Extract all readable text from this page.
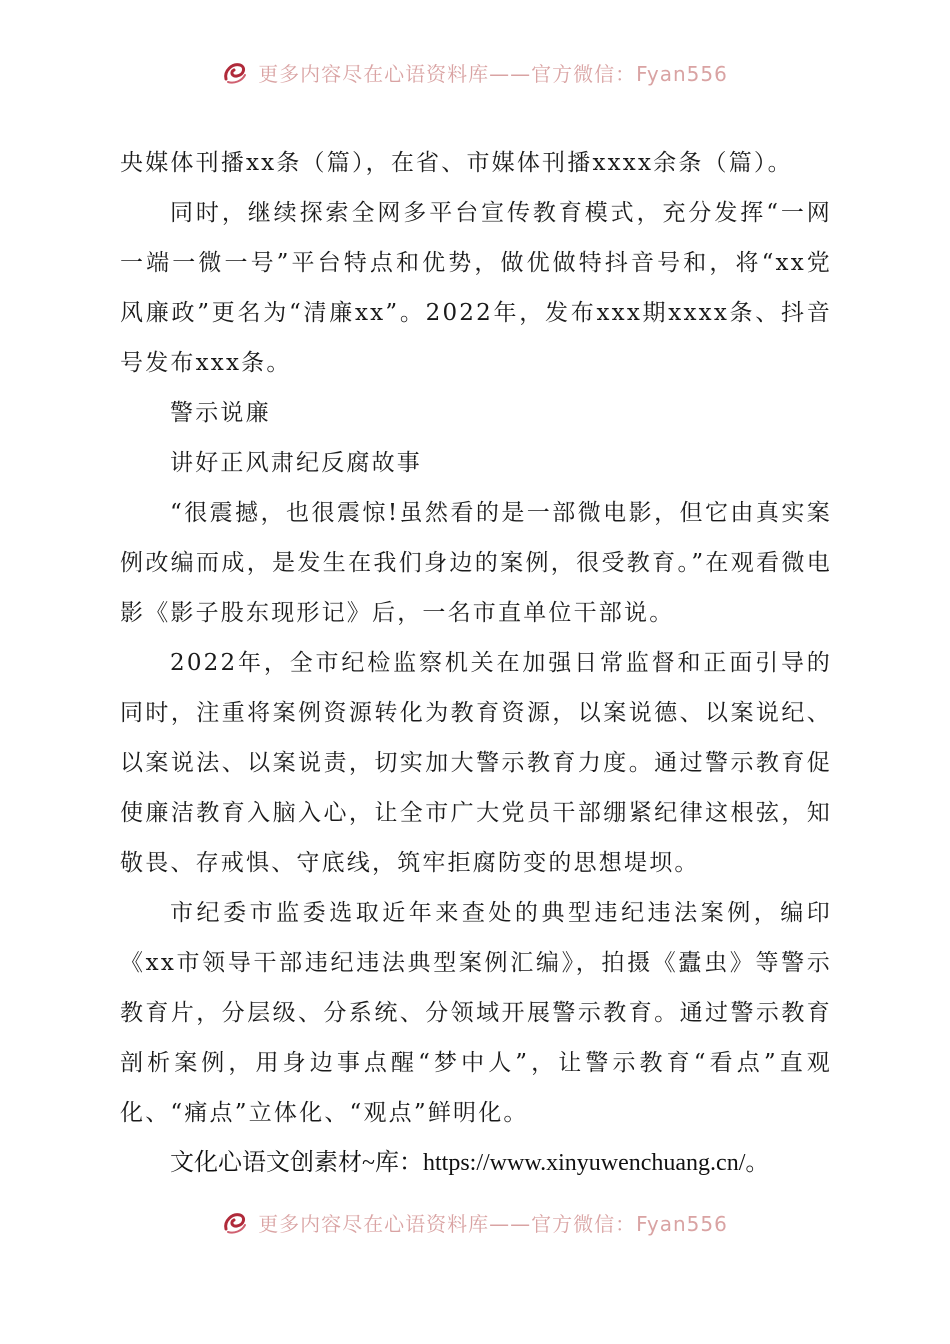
更多内容尽在心语资料库——官方微信：Fyan556

央媒体刊播xx条（篇），在省、市媒体刊播xxxx余条（篇）。

同时，继续探索全网多平台宣传教育模式，充分发挥“一网一端一微一号”平台特点和优势，做优做特抖音号和，将“xx党风廉政”更名为“清廉xx”。2022年，发布xxx期xxxx条、抖音号发布xxx条。

警示说廉

讲好正风肃纪反腐故事

“很震撼，也很震惊!虽然看的是一部微电影，但它由真实案例改编而成，是发生在我们身边的案例，很受教育。”在观看微电影《影子股东现形记》后，一名市直单位干部说。

2022年，全市纪检监察机关在加强日常监督和正面引导的同时，注重将案例资源转化为教育资源，以案说德、以案说纪、以案说法、以案说责，切实加大警示教育力度。通过警示教育促使廉洁教育入脑入心，让全市广大党员干部绷紧纪律这根弦，知敬畏、存戒惧、守底线，筑牢拒腐防变的思想堤坝。

市纪委市监委选取近年来查处的典型违纪违法案例，编印《xx市领导干部违纪违法典型案例汇编》，拍摄《蠹虫》等警示教育片，分层级、分系统、分领域开展警示教育。通过警示教育剖析案例，用身边事点醒“梦中人”，让警示教育“看点”直观化、“痛点”立体化、“观点”鲜明化。

文化心语文创素材~库：https://www.xinyuwenchuang.cn/。

更多内容尽在心语资料库——官方微信：Fyan556
